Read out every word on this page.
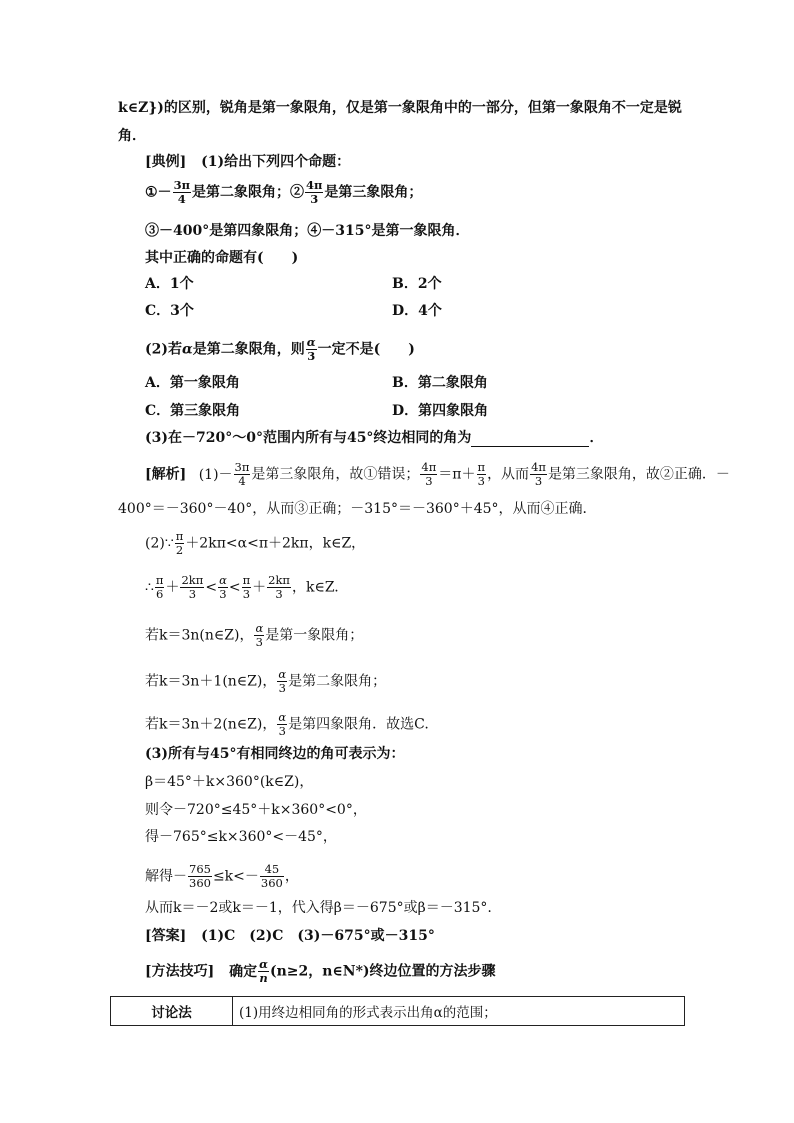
k∈Z})的区别，锐角是第一象限角，仅是第一象限角中的一部分，但第一象限角不一定是锐
角．
[典例] (1)给出下列四个命题：
①－ $\frac{3\pi}{4}$ 是第二象限角；② $\frac{4\pi}{3}$ 是第三象限角；
③－400°是第四象限角；④－315°是第一象限角．
其中正确的命题有(　　)
A．1个	B．2个
C．3个	D．4个
(2)若α是第二象限角，则 $\frac{\alpha}{3}$ 一定不是(　　)
A．第一象限角	B．第二象限角
C．第三象限角	D．第四象限角
(3)在－720°～0°范围内所有与45°终边相同的角为	．
[解析] $(1)- \frac{3\pi}{4}$ 是第三象限角，故①错误； $\frac{4\pi}{3} =\pi+ \frac{\pi}{3}$ ，从而 $\frac{4\pi}{3}$ 是第三象限角，故②正确．－
400°＝－360°－40°，从而③正确；－315°＝－360°＋45°，从而④正确．
(2)∵ $\frac{\pi}{2} +2k\pi<\alpha<\pi+2k\pi$，k∈Z，
∴ $\frac{\pi}{6} + \frac{2k\pi}{3} < \frac{\alpha}{3} < \frac{\pi}{3} + \frac{2k\pi}{3}$ ，k∈Z.
若k＝3n(n∈Z)， $\frac{\alpha}{3}$ 是第一象限角；
若k＝3n＋1(n∈Z)， $\frac{\alpha}{3}$ 是第二象限角；
若k＝3n＋2(n∈Z)， $\frac{\alpha}{3}$ 是第四象限角．故选C.
(3)所有与45°有相同终边的角可表示为：
β＝45°＋k×360°(k∈Z)，
则令－720°≤45°＋k×360°<0°，
得－765°≤k×360°<－45°，
解得－ $\frac{765}{360} \le k<- \frac{45}{360}$ ，
从而k＝－2或k＝－1，代入得β＝－675°或β＝－315°.
[答案] (1)C　(2)C　(3)－675°或－315°
[方法技巧] 确定 $\frac{\alpha}{n} (n\ge 2$，n∈N*)终边位置的方法步骤
讨论法	(1)用终边相同角的形式表示出角α的范围；
